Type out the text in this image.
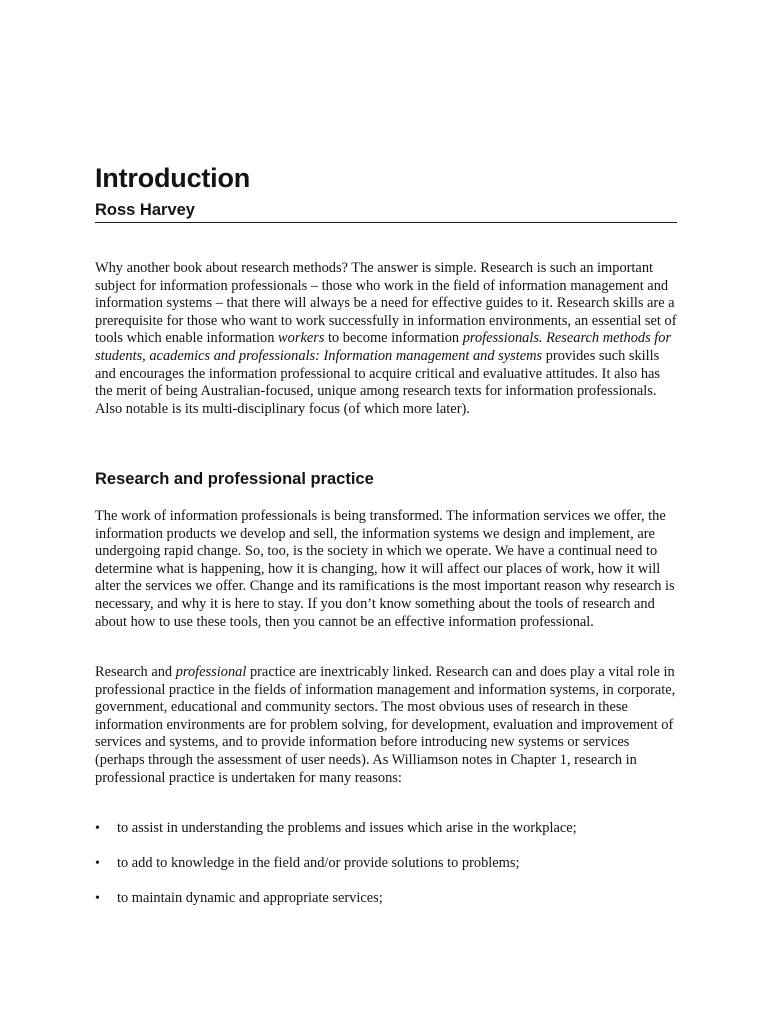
Introduction
Ross Harvey

Why another book about research methods? The answer is simple. Research is such an important subject for information professionals – those who work in the field of information management and information systems – that there will always be a need for effective guides to it. Research skills are a prerequisite for those who want to work successfully in information environments, an essential set of tools which enable information workers to become information professionals. Research methods for students, academics and professionals: Information management and systems provides such skills and encourages the information professional to acquire critical and evaluative attitudes. It also has the merit of being Australian-focused, unique among research texts for information professionals. Also notable is its multi-disciplinary focus (of which more later).

Research and professional practice

The work of information professionals is being transformed. The information services we offer, the information products we develop and sell, the information systems we design and implement, are undergoing rapid change. So, too, is the society in which we operate. We have a continual need to determine what is happening, how it is changing, how it will affect our places of work, how it will alter the services we offer. Change and its ramifications is the most important reason why research is necessary, and why it is here to stay. If you don’t know something about the tools of research and about how to use these tools, then you cannot be an effective information professional.

Research and professional practice are inextricably linked. Research can and does play a vital role in professional practice in the fields of information management and information systems, in corporate, government, educational and community sectors. The most obvious uses of research in these information environments are for problem solving, for development, evaluation and improvement of services and systems, and to provide information before introducing new systems or services (perhaps through the assessment of user needs). As Williamson notes in Chapter 1, research in professional practice is undertaken for many reasons:

• to assist in understanding the problems and issues which arise in the workplace;
• to add to knowledge in the field and/or provide solutions to problems;
• to maintain dynamic and appropriate services;
